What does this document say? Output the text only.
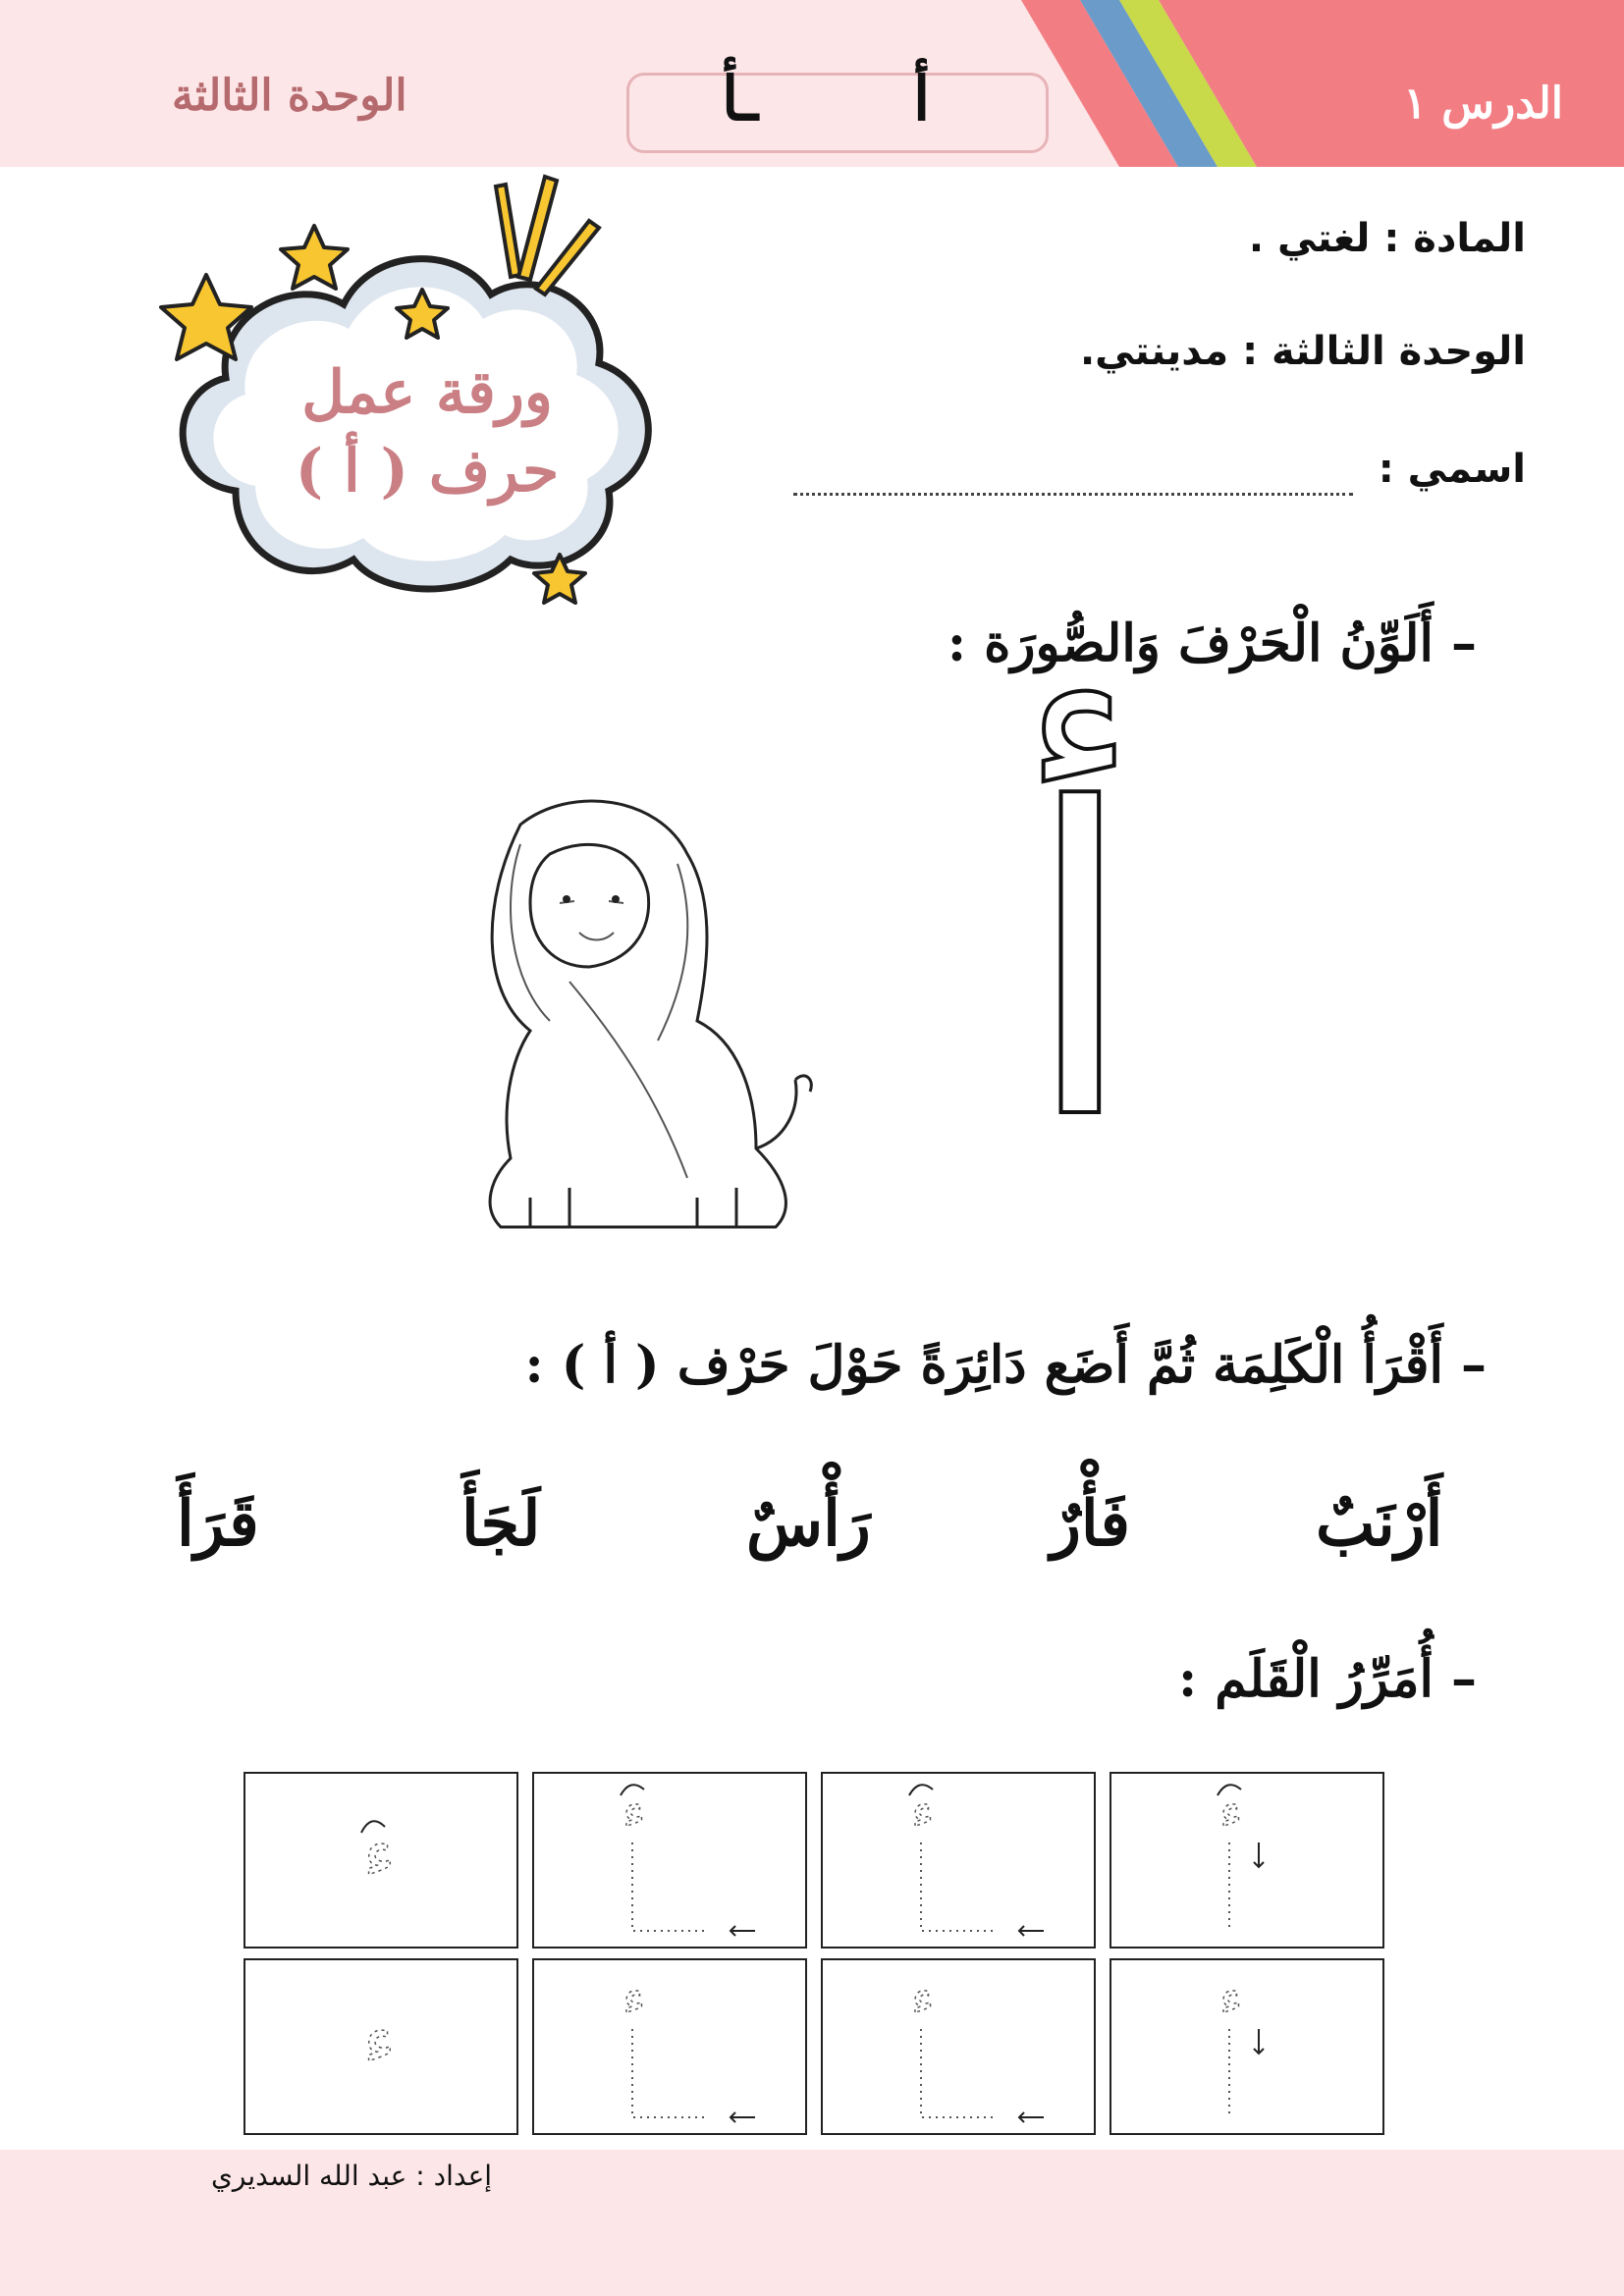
الدرس ١
الوحدة الثالثة	أ
ـأ
ورقة عمل
حرف ( أ )
المادة : لغتي .
الوحدة الثالثة : مدينتي.
اسمي :
– أَلَوِّنُ الْحَرْفَ وَالصُّورَة :
أ
– أَقْرَأُ الْكَلِمَة ثُمَّ أَضَع دَائِرَةً حَوْلَ حَرْف ( أ ) :
أَرْنَبٌ
فَأْرٌ
رَأْسٌ
لَجَأَ
قَرَأَ
– أُمَرِّرُ الْقَلَم :
ء
ء	ء	ء
ء
ء	ء	ء
إعداد : عبد الله السديري
